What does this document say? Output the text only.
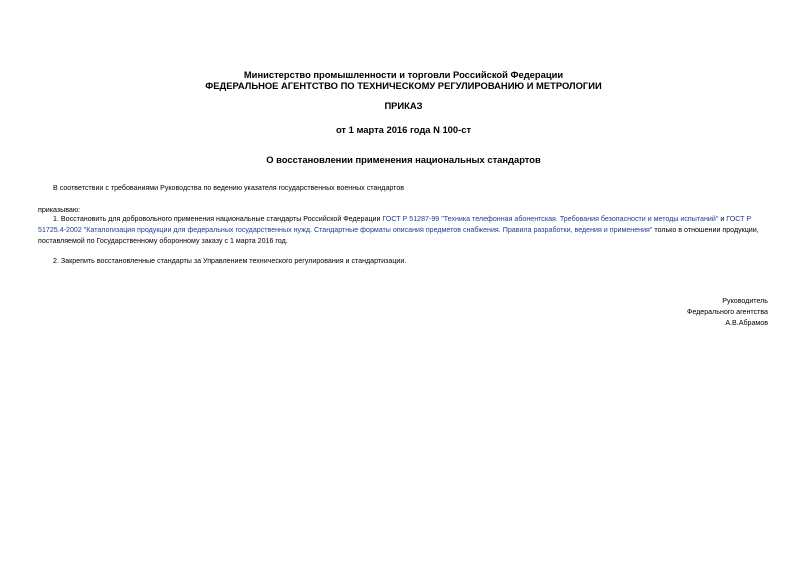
Министерство промышленности и торговли Российской Федерации
ФЕДЕРАЛЬНОЕ АГЕНТСТВО ПО ТЕХНИЧЕСКОМУ РЕГУЛИРОВАНИЮ И МЕТРОЛОГИИ
ПРИКАЗ
от 1 марта 2016 года N 100-ст
О восстановлении применения национальных стандартов
В соответствии с требованиями Руководства по ведению указателя государственных военных стандартов
приказываю:
1. Восстановить для добровольного применения национальные стандарты Российской Федерации ГОСТ Р 51287-99 "Техника телефонная абонентская. Требования безопасности и методы испытаний" и ГОСТ Р 51725.4-2002 "Каталогизация продукции для федеральных государственных нужд. Стандартные форматы описания предметов снабжения. Правила разработки, ведения и применения" только в отношении продукции, поставляемой по Государственному оборонному заказу с 1 марта 2016 год.
2. Закрепить восстановленные стандарты за Управлением технического регулирования и стандартизации.
Руководитель
Федерального агентства
А.В.Абрамов
